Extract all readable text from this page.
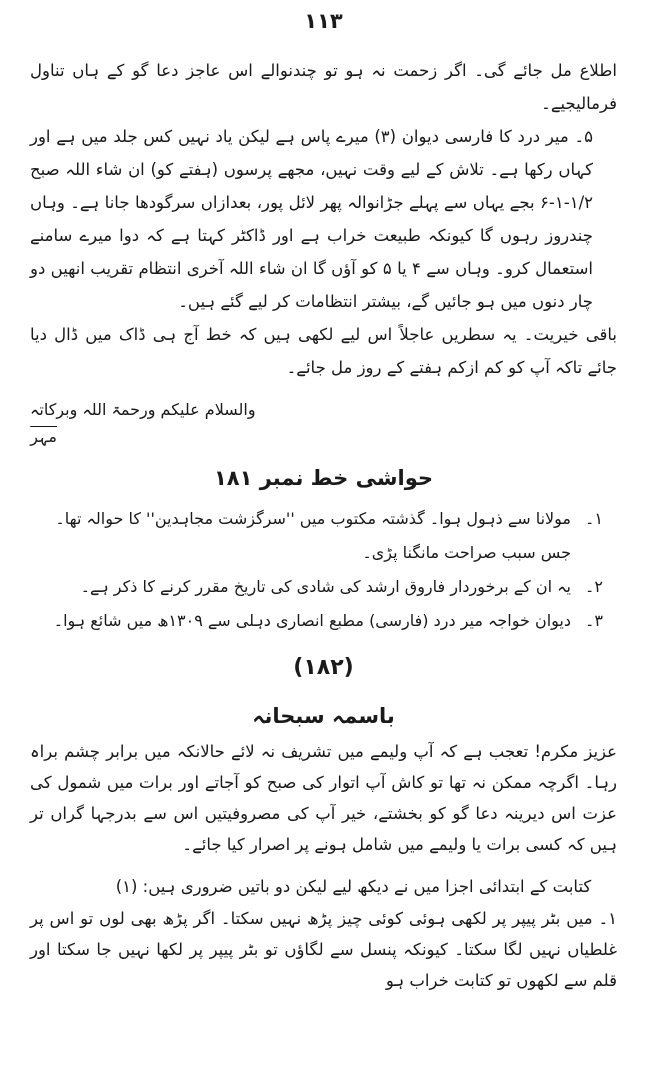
۱۱۳

اطلاع مل جائے گی۔ اگر زحمت نہ ہو تو چندنوالے اس عاجز دعا گو کے ہاں تناول فرمالیجیے۔

۵۔ میر درد کا فارسی دیوان (۳) میرے پاس ہے لیکن یاد نہیں کس جلد میں ہے اور کہاں رکھا ہے۔ تلاش کے لیے وقت نہیں، مجھے پرسوں (ہفتے کو) ان شاء اللہ صبح ۱/۲-۱-۶ بجے یہاں سے پہلے جڑانوالہ پھر لائل پور، بعدازاں سرگودھا جانا ہے۔ وہاں چندروز رہوں گا کیونکہ طبیعت خراب ہے اور ڈاکٹر کہتا ہے کہ دوا میرے سامنے استعمال کرو۔ وہاں سے ۴ یا ۵ کو آؤں گا ان شاء اللہ آخری انتظام تقریب انھیں دو چار دنوں میں ہو جائیں گے، بیشتر انتظامات کر لیے گئے ہیں۔

باقی خیریت۔ یہ سطریں عاجلاً اس لیے لکھی ہیں کہ خط آج ہی ڈاک میں ڈال دیا جائے تاکہ آپ کو کم ازکم ہفتے کے روز مل جائے۔

والسلام علیکم ورحمۃ اللہ وبرکاتہ
مہر
حواشی خط نمبر ۱۸۱
۱۔
مولانا سے ذہول ہوا۔ گذشتہ مکتوب میں ''سرگزشت مجاہدین'' کا حوالہ تھا۔ جس سبب صراحت مانگنا پڑی۔
۲۔
یہ ان کے برخوردار فاروق ارشد کی شادی کی تاریخ مقرر کرنے کا ذکر ہے۔
۳۔
دیوان خواجہ میر درد (فارسی) مطبع انصاری دہلی سے ۱۳۰۹ھ میں شائع ہوا۔
(۱۸۲)
باسمہ سبحانہ

عزیز مکرم! تعجب ہے کہ آپ ولیمے میں تشریف نہ لائے حالانکہ میں برابر چشم براہ رہا۔ اگرچہ ممکن نہ تھا تو کاش آپ اتوار کی صبح کو آجاتے اور برات میں شمول کی عزت اس دیرینہ دعا گو کو بخشتے، خیر آپ کی مصروفیتیں اس سے بدرجہا گراں تر ہیں کہ کسی برات یا ولیمے میں شامل ہونے پر اصرار کیا جائے۔

کتابت کے ابتدائی اجزا میں نے دیکھ لیے لیکن دو باتیں ضروری ہیں: (۱)

۱۔ میں بٹر پیپر پر لکھی ہوئی کوئی چیز پڑھ نہیں سکتا۔ اگر پڑھ بھی لوں تو اس پر غلطیاں نہیں لگا سکتا۔ کیونکہ پنسل سے لگاؤں تو بٹر پیپر پر لکھا نہیں جا سکتا اور قلم سے لکھوں تو کتابت خراب ہو
